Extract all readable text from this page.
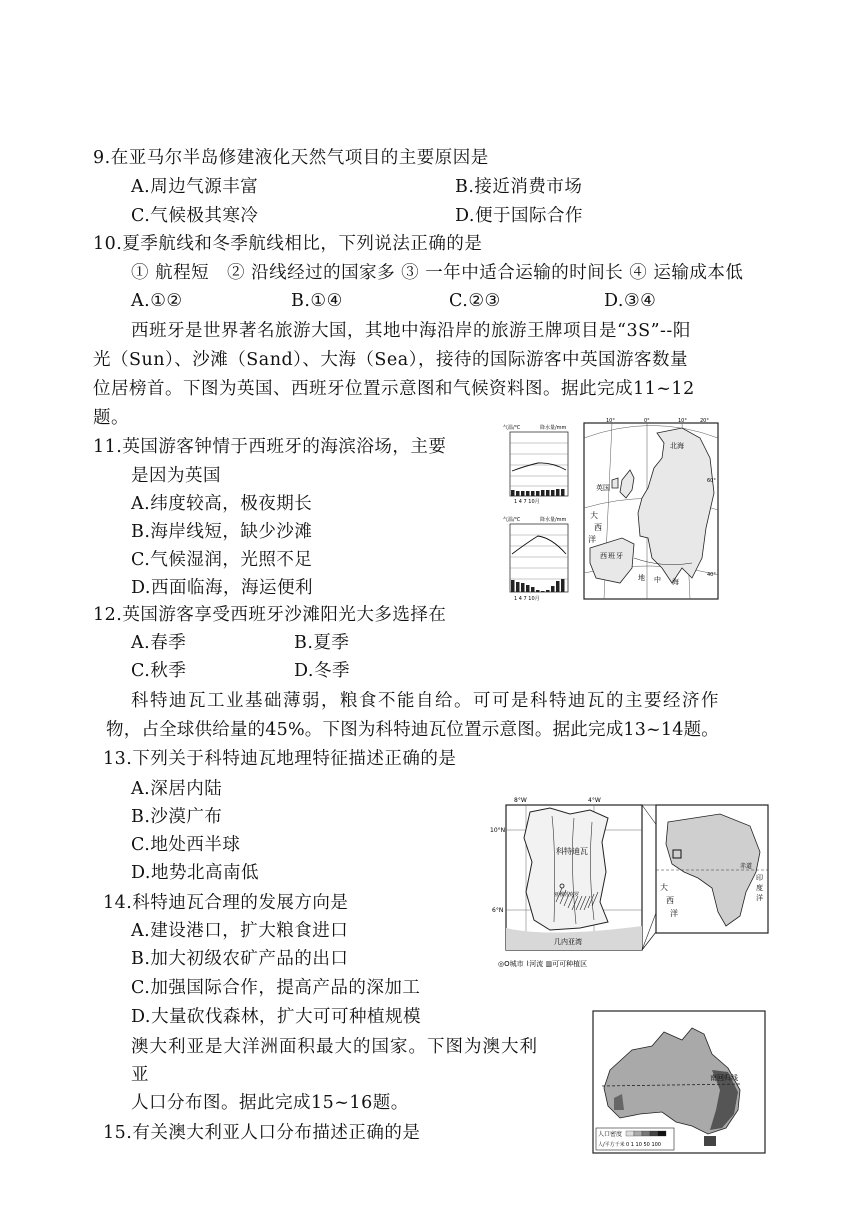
9.在亚马尔半岛修建液化天然气项目的主要原因是
A.周边气源丰富	B.接近消费市场
C.气候极其寒冷	D.便于国际合作
10.夏季航线和冬季航线相比，下列说法正确的是
① 航程短　② 沿线经过的国家多 ③ 一年中适合运输的时间长 ④ 运输成本低
A.①②	B.①④	C.②③	D.③④
西班牙是世界著名旅游大国，其地中海沿岸的旅游王牌项目是“3S”--阳
光（Sun）、沙滩（Sand）、大海（Sea），接待的国际游客中英国游客数量
位居榜首。下图为英国、西班牙位置示意图和气候资料图。据此完成11~12
题。
11.英国游客钟情于西班牙的海滨浴场，主要
是因为英国
A.纬度较高，极夜期长
B.海岸线短，缺少沙滩
C.气候湿润，光照不足
D.西面临海，海运便利
气温/℃	降水量/mm
1 4 7 10月
气温/℃	降水量/mm
1 4 7 10月
北海
英国
大
西
洋
西 班 牙
地 中 海
10°	0°	10°	20°
40°
60°
12.英国游客享受西班牙沙滩阳光大多选择在
A.春季	B.夏季
C.秋季	D.冬季
科特迪瓦工业基础薄弱，粮食不能自给。可可是科特迪瓦的主要经济作
物，占全球供给量的45%。下图为科特迪瓦位置示意图。据此完成13~14题。
13.下列关于科特迪瓦地理特征描述正确的是
A.深居内陆
B.沙漠广布
C.地处西半球
D.地势北高南低
14.科特迪瓦合理的发展方向是
A.建设港口，扩大粮食进口
B.加大初级农矿产品的出口
C.加强国际合作，提高产品的深加工
D.大量砍伐森林，扩大可可种植规模
8°W	4°W
10°N
6°N
科特迪瓦
亚穆苏克罗
几内亚湾
◎O城市 ⌇河流 ▥可可种植区
赤道
大
西
洋
印
度
洋
澳大利亚是大洋洲面积最大的国家。下图为澳大利
亚
人口分布图。据此完成15~16题。
15.有关澳大利亚人口分布描述正确的是
南回归线
人口密度
人/平方千米 0 1 10 50 100
